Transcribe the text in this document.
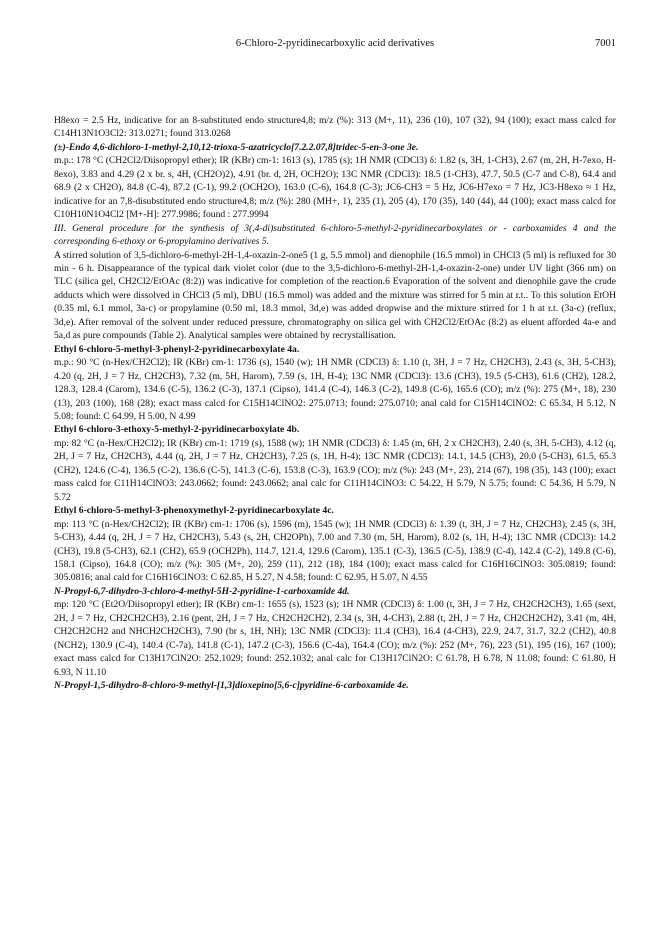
6-Chloro-2-pyridinecarboxylic acid derivatives	7001

H8exo = 2.5 Hz, indicative for an 8-substituted endo structure4,8; m/z (%): 313 (M+, 11), 236 (10), 107 (32), 94 (100); exact mass calcd for C14H13N1O3Cl2: 313.0271; found 313.0268

(±)-Endo 4,6-dichloro-1-methyl-2,10,12-trioxa-5-azatricyclo[7.2.2.07,8]tridec-5-en-3-one 3e.

m.p.: 178 °C (CH2Cl2/Diisopropyl ether); IR (KBr) cm-1: 1613 (s), 1785 (s); 1H NMR (CDCl3) δ: 1.82 (s, 3H, 1-CH3), 2.67 (m, 2H, H-7exo, H-8exo), 3.83 and 4.29 (2 x br. s, 4H, (CH2O)2), 4.91 (br. d, 2H, OCH2O); 13C NMR (CDCl3): 18.5 (1-CH3), 47.7, 50.5 (C-7 and C-8), 64.4 and 68.9 (2 x CH2O), 84.8 (C-4), 87.2 (C-1), 99.2 (OCH2O), 163.0 (C-6), 164.8 (C-3); JC6-CH3 = 5 Hz, JC6-H7exo = 7 Hz, JC3-H8exo ≈ 1 Hz, indicative for an 7,8-disubstituted endo structure4,8; m/z (%): 280 (MH+, 1), 235 (1), 205 (4), 170 (35), 140 (44), 44 (100); exact mass calcd for C10H10N1O4Cl2 [M+-H]: 277.9986; found : 277.9994

III. General procedure for the synthesis of 3(,4-di)substituted 6-chloro-5-methyl-2-pyridinecarboxylates or - carboxamides 4 and the corresponding 6-ethoxy or 6-propylamino derivatives 5.

A stirred solution of 3,5-dichloro-6-methyl-2H-1,4-oxazin-2-one5 (1 g, 5.5 mmol) and dienophile (16.5 mmol) in CHCl3 (5 ml) is refluxed for 30 min - 6 h. Disappearance of the typical dark violet color (due to the 3,5-dichloro-6-methyl-2H-1,4-oxazin-2-one) under UV light (366 nm) on TLC (silica gel, CH2Cl2/EtOAc (8:2)) was indicative for completion of the reaction.6 Evaporation of the solvent and dienophile gave the crude adducts which were dissolved in CHCl3 (5 ml), DBU (16.5 mmol) was added and the mixture was stirred for 5 min at r.t.. To this solution EtOH (0.35 ml, 6.1 mmol, 3a-c) or propylamine (0.50 ml, 18.3 mmol, 3d,e) was added dropwise and the mixture stirred for 1 h at r.t. (3a-c) (reflux, 3d,e). After removal of the solvent under reduced pressure, chromatography on silica gel with CH2Cl2/EtOAc (8:2) as eluent afforded 4a-e and 5a,d as pure compounds (Table 2). Analytical samples were obtained by recrystallisation.

Ethyl 6-chloro-5-methyl-3-phenyl-2-pyridinecarboxylate 4a.

m.p.: 90 °C (n-Hex/CH2Cl2); IR (KBr) cm-1: 1736 (s), 1540 (w); 1H NMR (CDCl3) δ: 1.10 (t, 3H, J = 7 Hz, CH2CH3), 2.43 (s, 3H, 5-CH3), 4.20 (q, 2H, J = 7 Hz, CH2CH3), 7.32 (m, 5H, Harom), 7.59 (s, 1H, H-4); 13C NMR (CDCl3): 13.6 (CH3), 19.5 (5-CH3), 61.6 (CH2), 128.2, 128.3, 128.4 (Carom), 134.6 (C-5), 136.2 (C-3), 137.1 (Cipso), 141.4 (C-4), 146.3 (C-2), 149.8 (C-6), 165.6 (CO); m/z (%): 275 (M+, 18), 230 (13), 203 (100), 168 (28); exact mass calcd for C15H14ClNO2: 275.0713; found: 275.0710; anal cald for C15H14ClNO2: C 65.34, H 5.12, N 5.08; found: C 64.99, H 5.00, N 4.99

Ethyl 6-chloro-3-ethoxy-5-methyl-2-pyridinecarboxylate 4b.

mp: 82 °C (n-Hex/CH2Cl2); IR (KBr) cm-1: 1719 (s), 1588 (w); 1H NMR (CDCl3) δ: 1.45 (m, 6H, 2 x CH2CH3), 2.40 (s, 3H, 5-CH3), 4.12 (q, 2H, J = 7 Hz, CH2CH3), 4.44 (q, 2H, J = 7 Hz, CH2CH3), 7.25 (s, 1H, H-4); 13C NMR (CDCl3): 14.1, 14.5 (CH3), 20.0 (5-CH3), 61.5, 65.3 (CH2), 124.6 (C-4), 136.5 (C-2), 136.6 (C-5), 141.3 (C-6), 153.8 (C-3), 163.9 (CO); m/z (%): 243 (M+, 23), 214 (67), 198 (35), 143 (100); exact mass calcd for C11H14ClNO3: 243.0662; found: 243.0662; anal calc for C11H14ClNO3: C 54.22, H 5.79, N 5.75; found: C 54.36, H 5.79, N 5.72

Ethyl 6-chloro-5-methyl-3-phenoxymethyl-2-pyridinecarboxylate 4c.

mp: 113 °C (n-Hex/CH2Cl2); IR (KBr) cm-1: 1706 (s), 1596 (m), 1545 (w); 1H NMR (CDCl3) δ: 1.39 (t, 3H, J = 7 Hz, CH2CH3), 2.45 (s, 3H, 5-CH3), 4.44 (q, 2H, J = 7 Hz, CH2CH3), 5.43 (s, 2H, CH2OPh), 7.00 and 7.30 (m, 5H, Harom), 8.02 (s, 1H, H-4); 13C NMR (CDCl3): 14.2 (CH3), 19.8 (5-CH3), 62.1 (CH2), 65.9 (OCH2Ph), 114.7, 121.4, 129.6 (Carom), 135.1 (C-3), 136.5 (C-5), 138.9 (C-4), 142.4 (C-2), 149.8 (C-6), 158.1 (Cipso), 164.8 (CO); m/z (%): 305 (M+, 20), 259 (11), 212 (18), 184 (100); exact mass calcd for C16H16ClNO3: 305.0819; found: 305.0816; anal cald for C16H16ClNO3: C 62.85, H 5.27, N 4.58; found: C 62.95, H 5.07, N 4.55

N-Propyl-6,7-dihydro-3-chloro-4-methyl-5H-2-pyridine-1-carboxamide 4d.

mp: 120 °C (Et2O/Diisopropyl ether); IR (KBr) cm-1: 1655 (s), 1523 (s); 1H NMR (CDCl3) δ: 1.00 (t, 3H, J = 7 Hz, CH2CH2CH3), 1.65 (sext, 2H, J = 7 Hz, CH2CH2CH3), 2.16 (pent, 2H, J = 7 Hz, CH2CH2CH2), 2.34 (s, 3H, 4-CH3), 2.88 (t, 2H, J = 7 Hz, CH2CH2CH2), 3.41 (m, 4H, CH2CH2CH2 and NHCH2CH2CH3), 7.90 (br s, 1H, NH); 13C NMR (CDCl3): 11.4 (CH3), 16.4 (4-CH3), 22.9, 24.7, 31.7, 32.2 (CH2), 40.8 (NCH2), 130.9 (C-4), 140.4 (C-7a), 141.8 (C-1), 147.2 (C-3), 156.6 (C-4a), 164.4 (CO); m/z (%): 252 (M+, 76), 223 (51), 195 (16), 167 (100); exact mass calcd for C13H17ClN2O: 252.1029; found: 252.1032; anal calc for C13H17ClN2O: C 61.78, H 6.78, N 11.08; found: C 61.80, H 6.93, N 11.10

N-Propyl-1,5-dihydro-8-chloro-9-methyl-[1,3]dioxepino[5,6-c]pyridine-6-carboxamide 4e.
